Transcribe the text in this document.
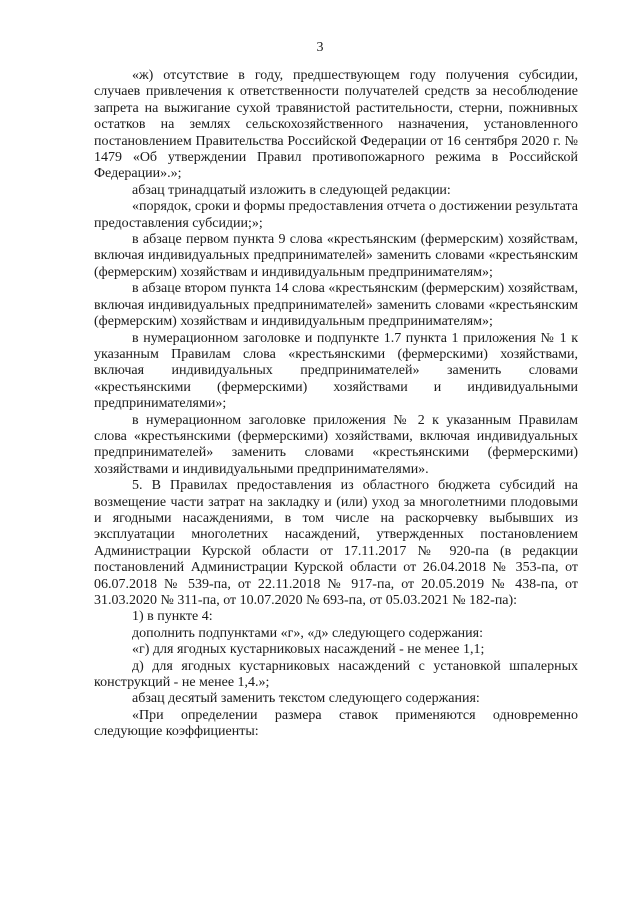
3

«ж) отсутствие в году, предшествующем году получения субсидии, случаев привлечения к ответственности получателей средств за несоблюдение запрета на выжигание сухой травянистой растительности, стерни, пожнивных остатков на землях сельскохозяйственного назначения, установленного постановлением Правительства Российской Федерации от 16 сентября 2020 г. № 1479 «Об утверждении Правил противопожарного режима в Российской Федерации».»;

абзац тринадцатый изложить в следующей редакции:

«порядок, сроки и формы предоставления отчета о достижении результата предоставления субсидии;»;

в абзаце первом пункта 9 слова «крестьянским (фермерским) хозяйствам, включая индивидуальных предпринимателей» заменить словами «крестьянским (фермерским) хозяйствам и индивидуальным предпринимателям»;

в абзаце втором пункта 14 слова «крестьянским (фермерским) хозяйствам, включая индивидуальных предпринимателей» заменить словами «крестьянским (фермерским) хозяйствам и индивидуальным предпринимателям»;

в нумерационном заголовке и подпункте 1.7 пункта 1 приложения № 1 к указанным Правилам слова «крестьянскими (фермерскими) хозяйствами, включая индивидуальных предпринимателей» заменить словами «крестьянскими (фермерскими) хозяйствами и индивидуальными предпринимателями»;

в нумерационном заголовке приложения № 2 к указанным Правилам слова «крестьянскими (фермерскими) хозяйствами, включая индивидуальных предпринимателей» заменить словами «крестьянскими (фермерскими) хозяйствами и индивидуальными предпринимателями».

5. В Правилах предоставления из областного бюджета субсидий на возмещение части затрат на закладку и (или) уход за многолетними плодовыми и ягодными насаждениями, в том числе на раскорчевку выбывших из эксплуатации многолетних насаждений, утвержденных постановлением Администрации Курской области от 17.11.2017 № 920-па (в редакции постановлений Администрации Курской области от 26.04.2018 № 353-па, от 06.07.2018 № 539-па, от 22.11.2018 № 917-па, от 20.05.2019 № 438-па, от 31.03.2020 № 311-па, от 10.07.2020 № 693-па, от 05.03.2021 № 182-па):

1) в пункте 4:

дополнить подпунктами «г», «д» следующего содержания:

«г) для ягодных кустарниковых насаждений - не менее 1,1;

д) для ягодных кустарниковых насаждений с установкой шпалерных конструкций - не менее 1,4.»;

абзац десятый заменить текстом следующего содержания:

«При определении размера ставок применяются одновременно следующие коэффициенты:
